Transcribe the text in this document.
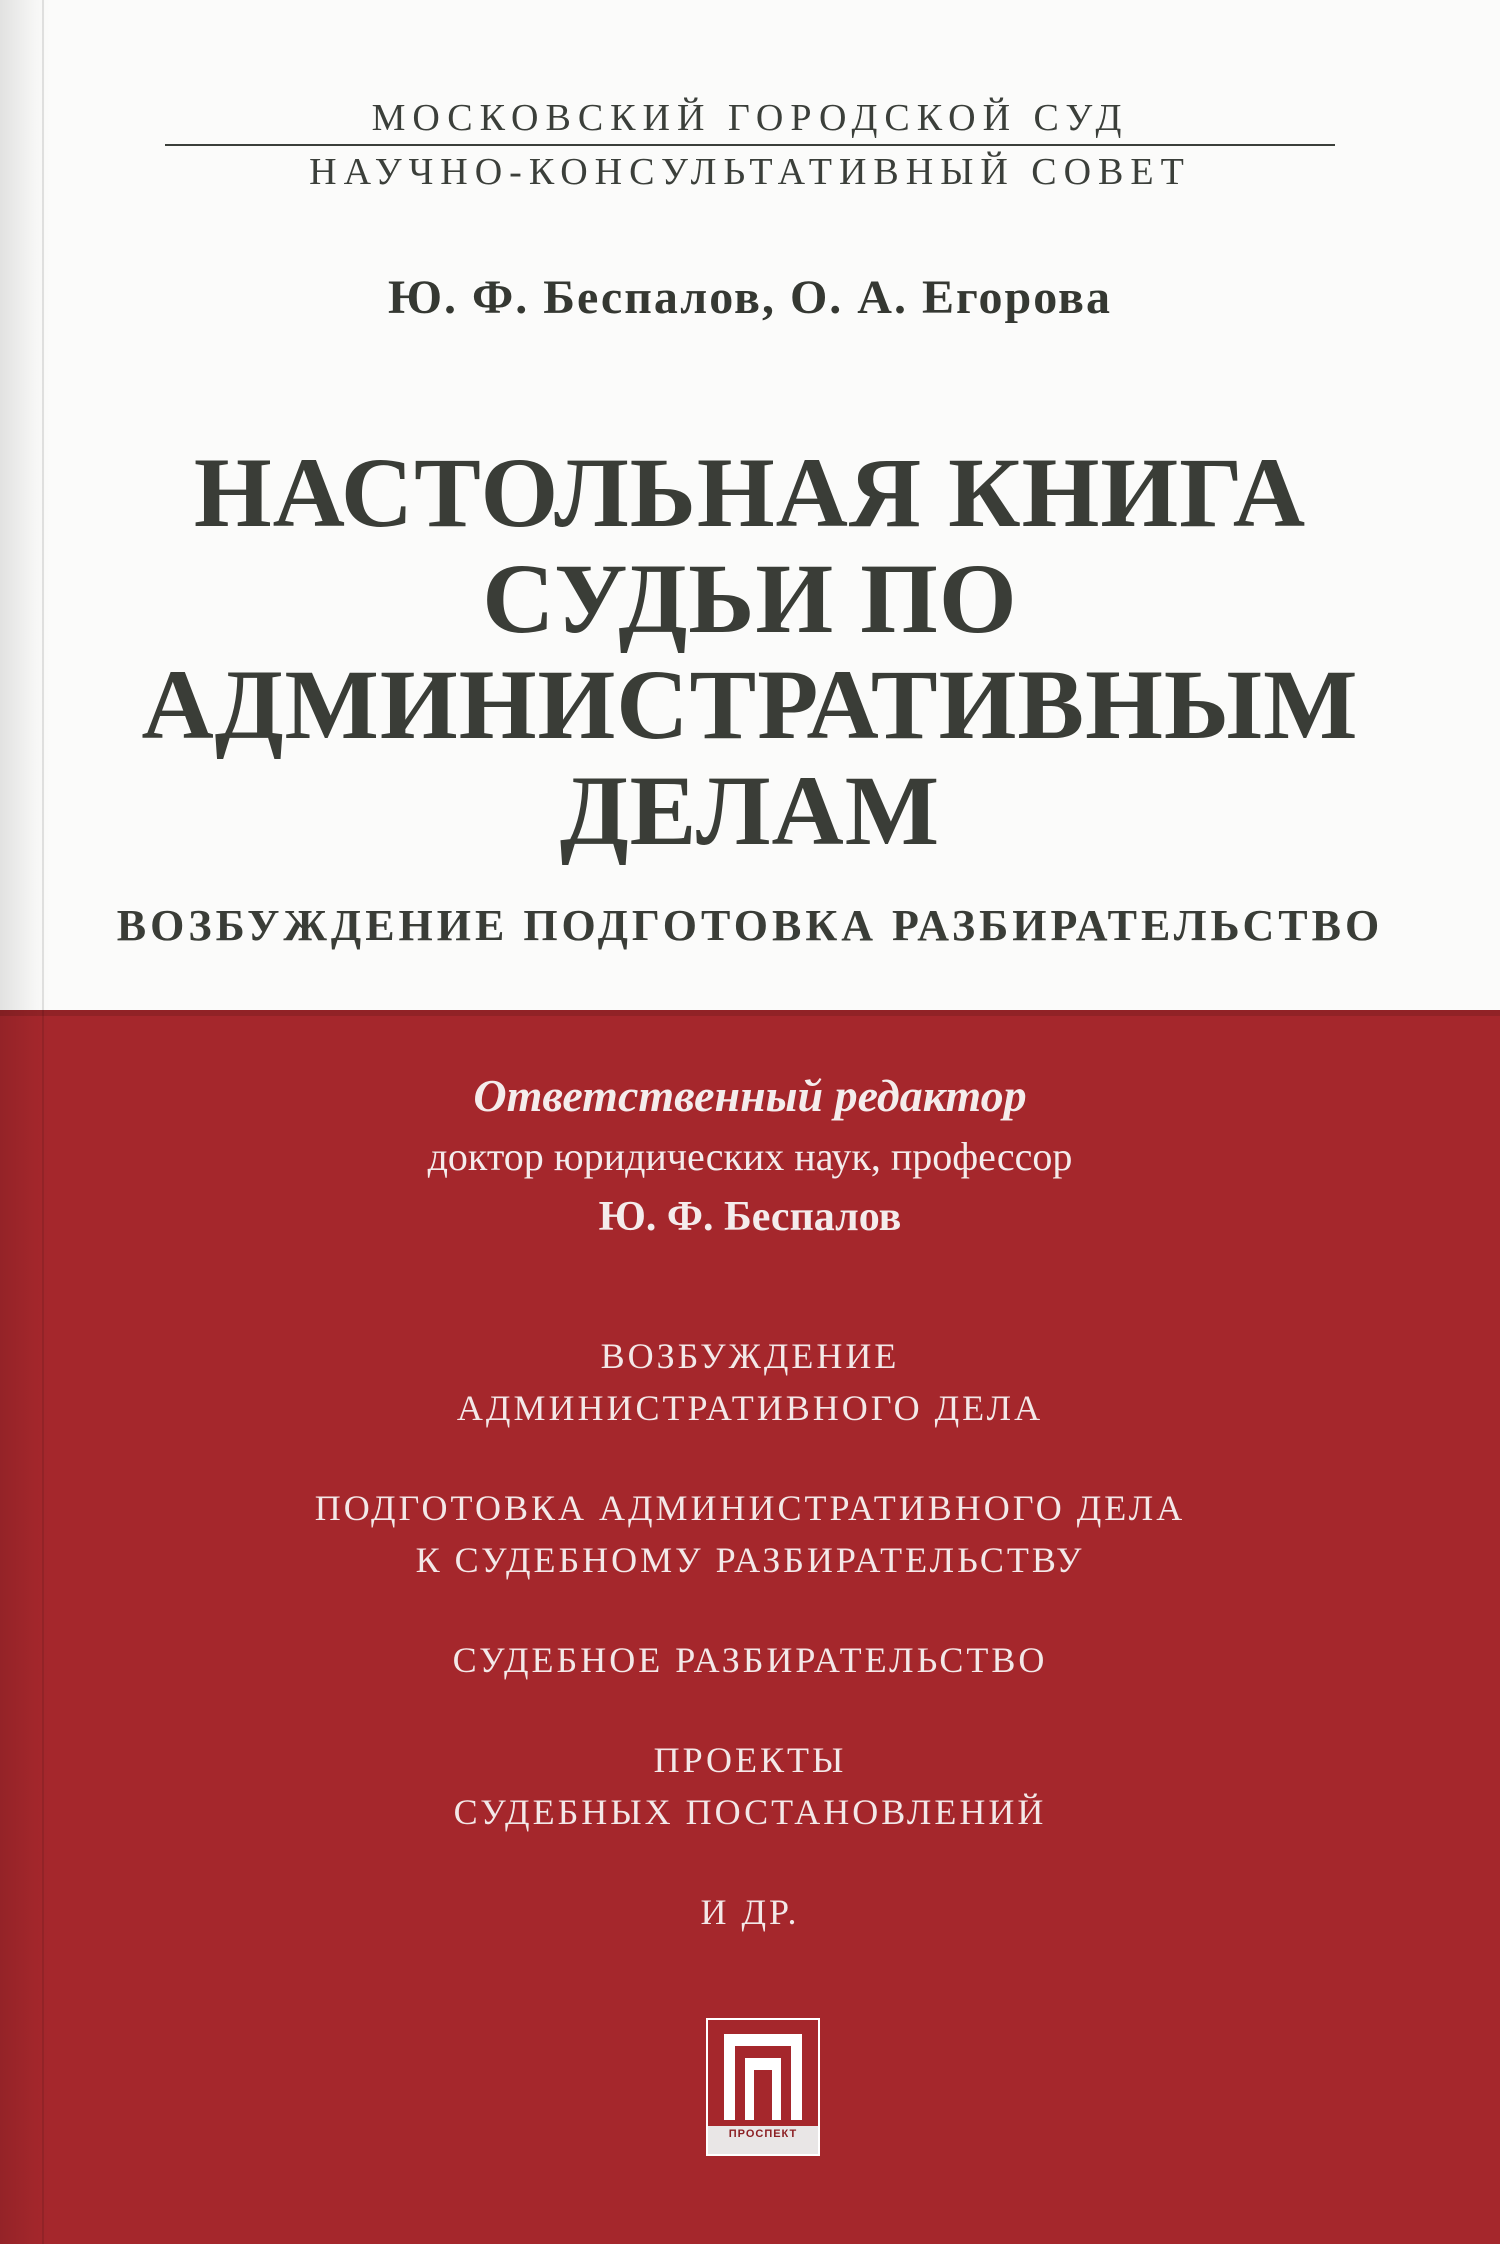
МОСКОВСКИЙ ГОРОДСКОЙ СУД
НАУЧНО-КОНСУЛЬТАТИВНЫЙ СОВЕТ
Ю. Ф. Беспалов, О. А. Егорова
НАСТОЛЬНАЯ КНИГА
СУДЬИ ПО
АДМИНИСТРАТИВНЫМ
ДЕЛАМ
ВОЗБУЖДЕНИЕ ПОДГОТОВКА РАЗБИРАТЕЛЬСТВО
Ответственный редактор
доктор юридических наук, профессор
Ю. Ф. Беспалов
ВОЗБУЖДЕНИЕ
АДМИНИСТРАТИВНОГО ДЕЛА
ПОДГОТОВКА АДМИНИСТРАТИВНОГО ДЕЛА
К СУДЕБНОМУ РАЗБИРАТЕЛЬСТВУ
СУДЕБНОЕ РАЗБИРАТЕЛЬСТВО
ПРОЕКТЫ
СУДЕБНЫХ ПОСТАНОВЛЕНИЙ
И ДР.
ПРОСПЕКТ
